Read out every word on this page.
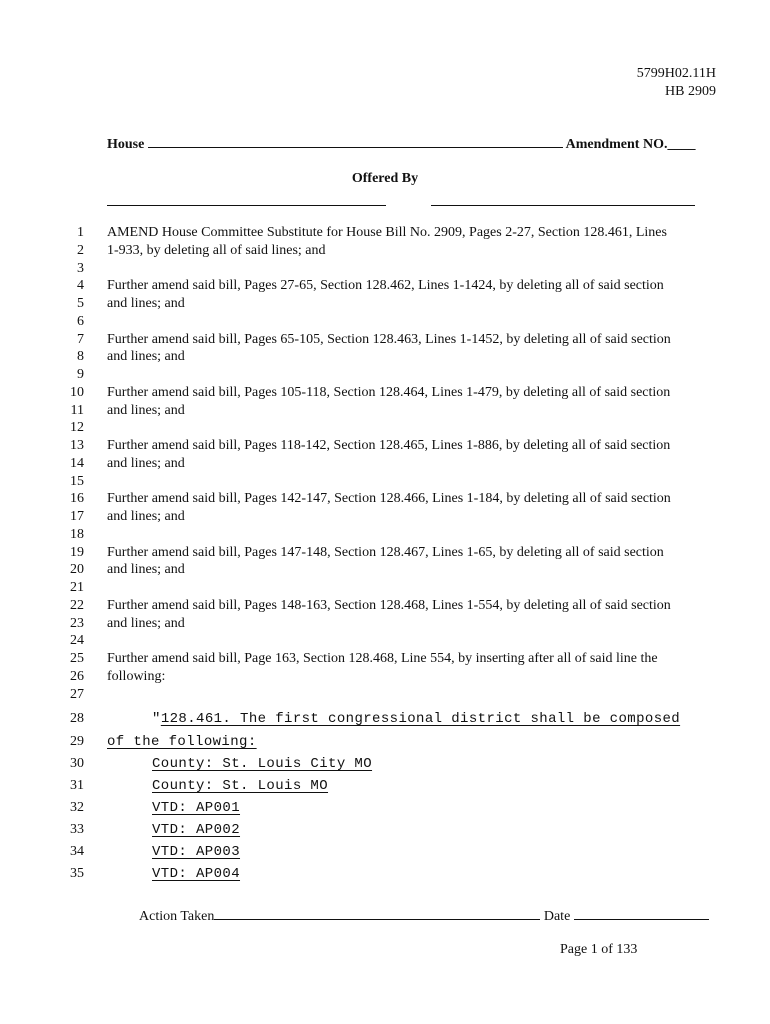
5799H02.11H
HB 2909
House	Amendment NO.____
Offered By
1 AMEND House Committee Substitute for House Bill No. 2909, Pages 2-27, Section 128.461, Lines
2 1-933, by deleting all of said lines; and
3
4 Further amend said bill, Pages 27-65, Section 128.462, Lines 1-1424, by deleting all of said section
5 and lines; and
6
7 Further amend said bill, Pages 65-105, Section 128.463, Lines 1-1452, by deleting all of said section
8 and lines; and
9
10 Further amend said bill, Pages 105-118, Section 128.464, Lines 1-479, by deleting all of said section
11 and lines; and
12
13 Further amend said bill, Pages 118-142, Section 128.465, Lines 1-886, by deleting all of said section
14 and lines; and
15
16 Further amend said bill, Pages 142-147, Section 128.466, Lines 1-184, by deleting all of said section
17 and lines; and
18
19 Further amend said bill, Pages 147-148, Section 128.467, Lines 1-65, by deleting all of said section
20 and lines; and
21
22 Further amend said bill, Pages 148-163, Section 128.468, Lines 1-554, by deleting all of said section
23 and lines; and
24
25 Further amend said bill, Page 163, Section 128.468, Line 554, by inserting after all of said line the
26 following:
27
28	"128.461. The first congressional district shall be composed
29 of the following:
30	County: St. Louis City MO
31	County: St. Louis MO
32	VTD: AP001
33	VTD: AP002
34	VTD: AP003
35	VTD: AP004
Action Taken	Date
Page 1 of 133
